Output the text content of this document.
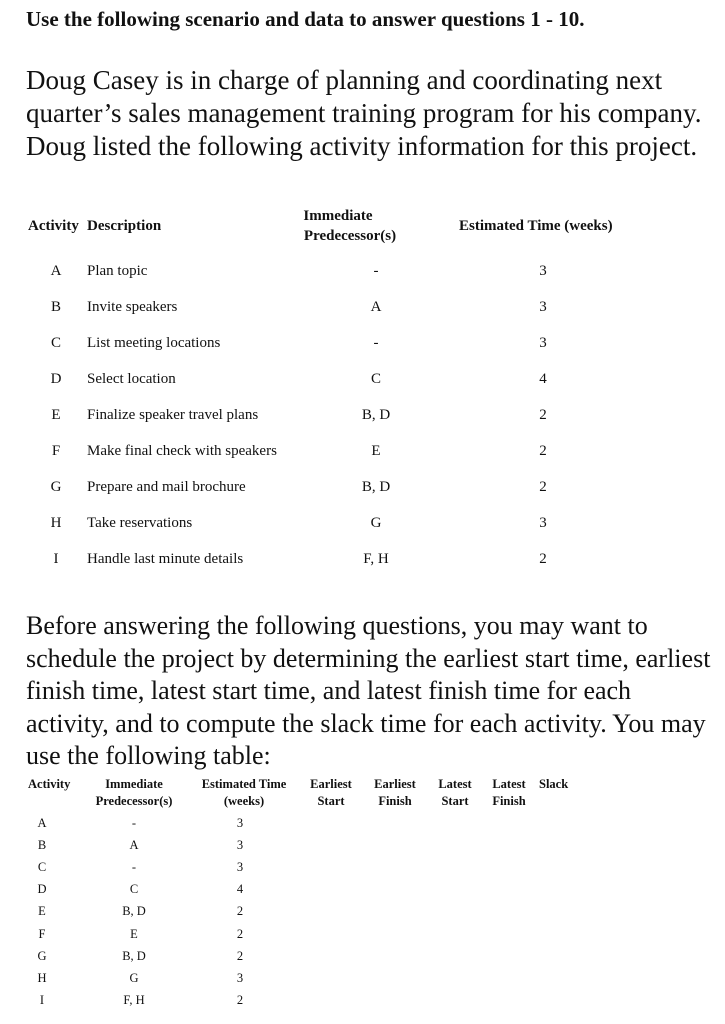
Use the following scenario and data to answer questions 1 - 10.

Doug Casey is in charge of planning and coordinating next quarter’s sales management training program for his company. Doug listed the following activity information for this project.

Activity Description
Immediate
Predecessor(s)
Estimated Time (weeks)
A	Plan topic	-	3
B	Invite speakers	A	3
C	List meeting locations	-	3
D	Select location	C	4
E	Finalize speaker travel plans	B, D	2
F	Make final check with speakers	E	2
G	Prepare and mail brochure	B, D	2
H	Take reservations	G	3
I	Handle last minute details	F, H	2

Before answering the following questions, you may want to schedule the project by determining the earliest start time, earliest finish time, latest start time, and latest finish time for each activity, and to compute the slack time for each activity. You may use the following table:

Activity	Immediate
Predecessor(s)
Estimated Time
(weeks)
Earliest
Start
Earliest
Finish
Latest
Start
Latest
Finish
Slack
A	-	3
B	A	3
C	-	3
D	C	4
E	B, D	2
F	E	2
G	B, D	2
H	G	3
I	F, H	2
